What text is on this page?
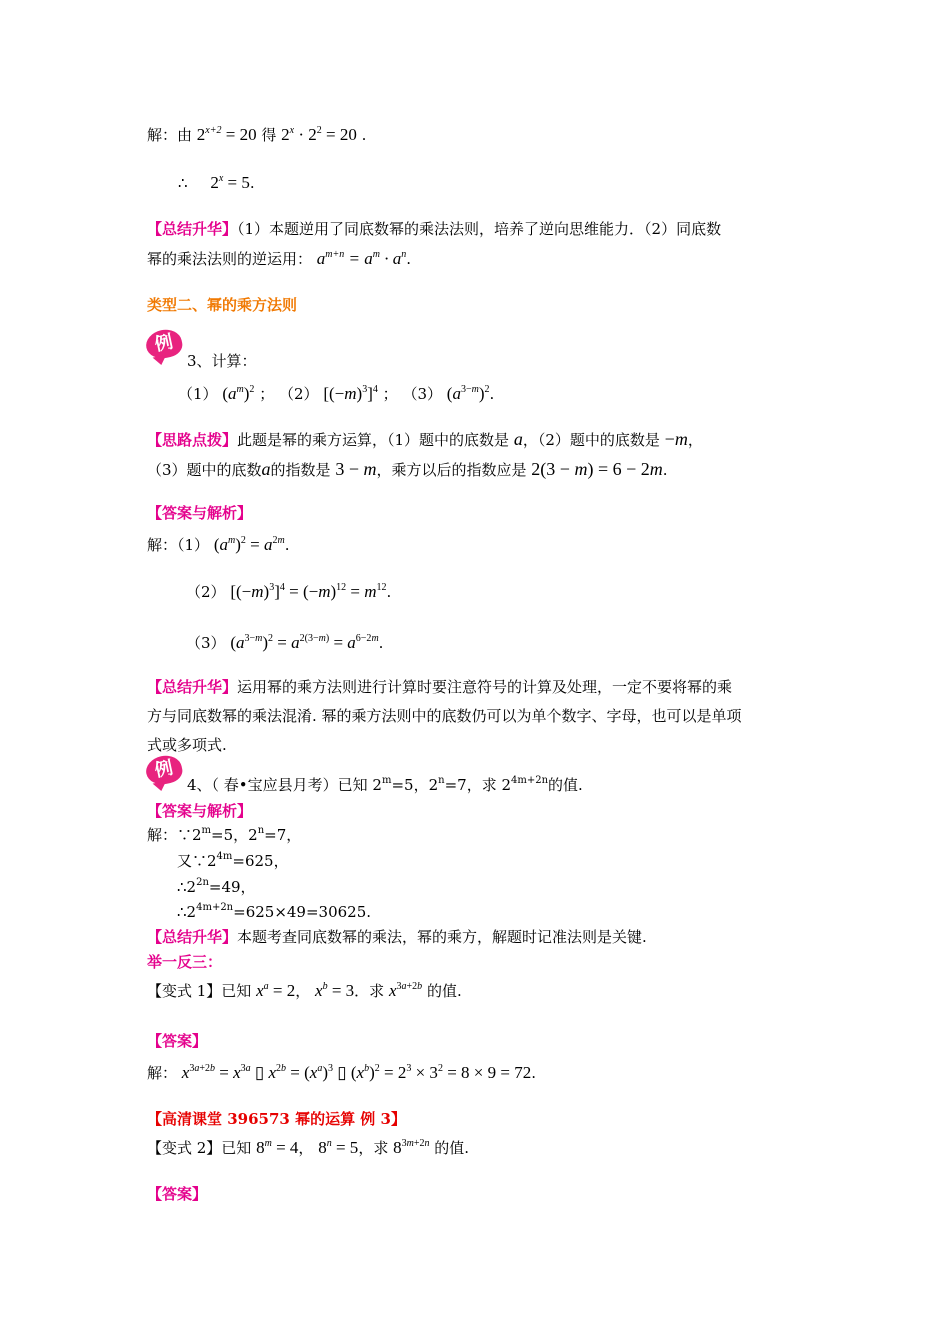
解：由 $2^{x+2} = 20$ 得 $2^x \cdot 2^2 = 20$ .
∴ $2^x = 5$.
【总结升华】（1）本题逆用了同底数幂的乘法法则，培养了逆向思维能力．（2）同底数
幂的乘法法则的逆运用： $a^{m+n} = a^m \cdot a^n$.
类型二、幂的乘方法则
例
3、计算：
（1） $(a^m)^2$ ； （2） $[(-m)^3]^4$ ； （3） $(a^{3-m})^2$.
【思路点拨】此题是幂的乘方运算，（1）题中的底数是 a，（2）题中的底数是 −m，
（3）题中的底数a的指数是 3 − m，乘方以后的指数应是 2(3 − m) = 6 − 2m.
【答案与解析】
解：（1） $(a^m)^2 = a^{2m}$.
（2） $[(-m)^3]^4 = (-m)^{12} = m^{12}$.
（3） $(a^{3-m})^2 = a^{2(3-m)} = a^{6-2m}$.
【总结升华】运用幂的乘方法则进行计算时要注意符号的计算及处理，一定不要将幂的乘
方与同底数幂的乘法混淆. 幂的乘方法则中的底数仍可以为单个数字、字母，也可以是单项
式或多项式.
例
4、（ 春•宝应县月考）已知 $2^m=5$，$2^n=7$，求 $2^{4m+2n}$的值.
【答案与解析】
解：$\because 2^m=5$，$2^n=7$，
又$\because 2^{4m}=625$，
$\therefore 2^{2n}=49$，
$\therefore 2^{4m+2n}=625\times 49=30625$.
【总结升华】本题考查同底数幂的乘法，幂的乘方，解题时记准法则是关键.
举一反三：
【变式 1】已知 $x^a = 2$， $x^b = 3$．求 $x^{3a+2b}$ 的值.
【答案】
解： $x^{3a+2b} = x^{3a}$ ▯ $x^{2b} = (x^a)^3$ ▯ $(x^b)^2 = 2^3 \times 3^2 = 8 \times 9 = 72$.
【高清课堂 396573 幂的运算 例 3】
【变式 2】已知 $8^m = 4$， $8^n = 5$，求 $8^{3m+2n}$ 的值.
【答案】
